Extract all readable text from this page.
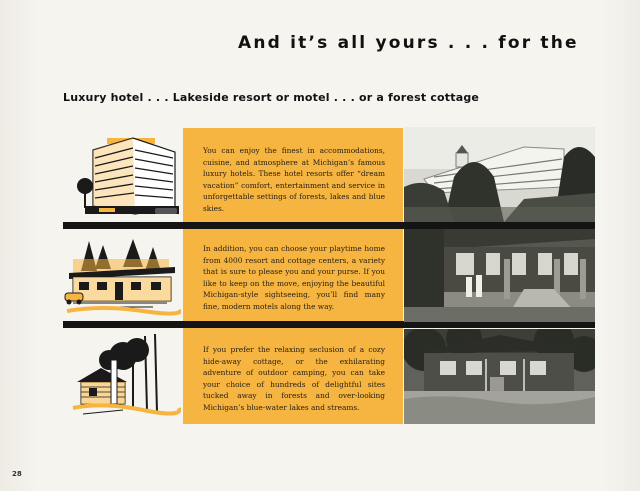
And it’s all yours . . . for the
Luxury hotel . . . Lakeside resort or motel . . . or a forest cottage

You can enjoy the finest in accommodations, cuisine, and atmosphere at Michigan’s famous luxury hotels. These hotel resorts offer “dream vacation” comfort, entertainment and service in unforgettable settings of forests, lakes and blue skies.

In addition, you can choose your playtime home from 4000 resort and cottage centers, a variety that is sure to please you and your purse. If you like to keep on the move, enjoying the beautiful Michigan-style sightseeing, you’ll find many fine, modern motels along the way.

If you prefer the relaxing seclusion of a cozy hide-away cottage, or the exhilarating adventure of outdoor camping, you can take your choice of hundreds of delightful sites tucked away in forests and over-looking Michigan’s blue-water lakes and streams.

28
